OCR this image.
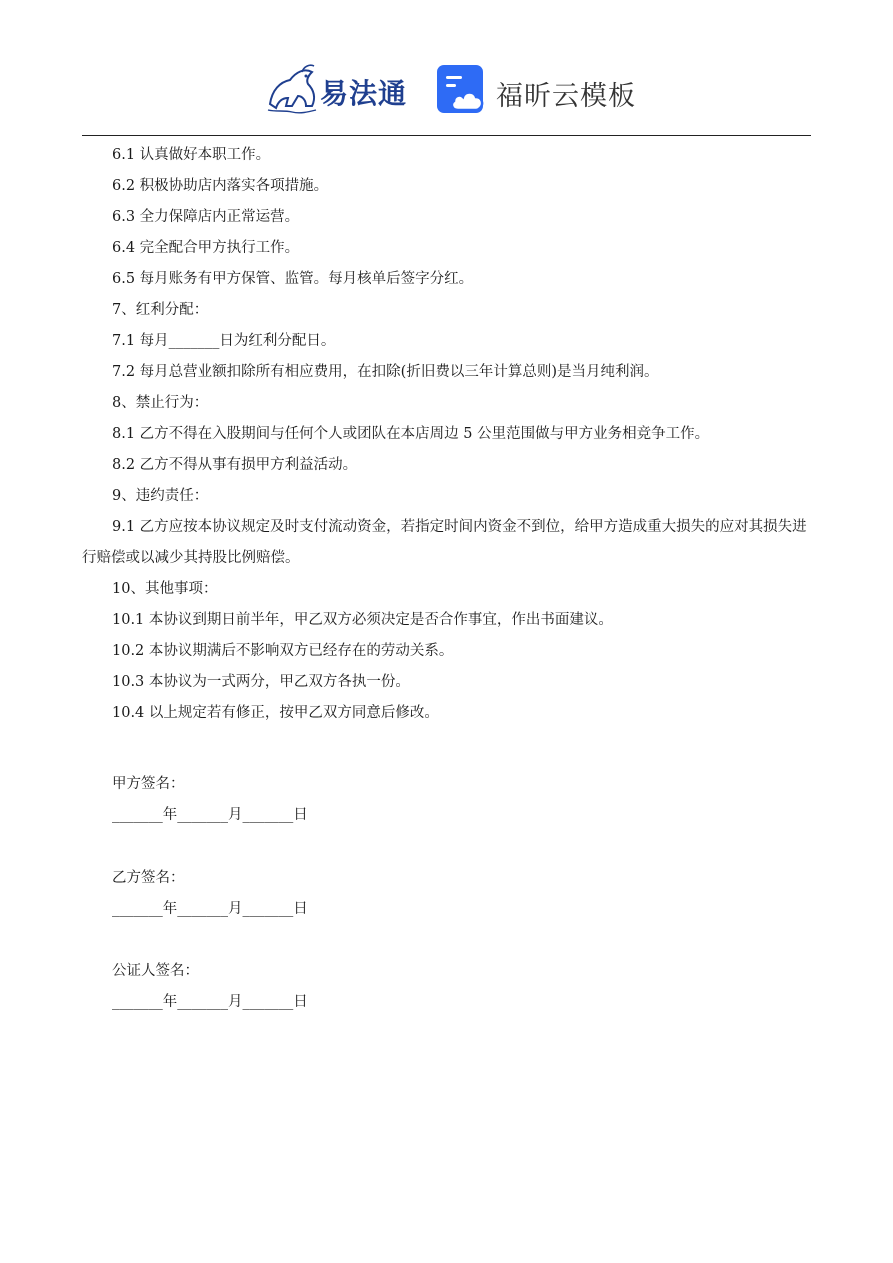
易法通	福昕云模板

6.1 认真做好本职工作。

6.2 积极协助店内落实各项措施。

6.3 全力保障店内正常运营。

6.4 完全配合甲方执行工作。

6.5 每月账务有甲方保管、监管。每月核单后签字分红。

7、红利分配：

7.1 每月_______日为红利分配日。

7.2 每月总营业额扣除所有相应费用，在扣除(折旧费以三年计算总则)是当月纯利润。

8、禁止行为：

8.1 乙方不得在入股期间与任何个人或团队在本店周边 5 公里范围做与甲方业务相竞争工作。

8.2 乙方不得从事有损甲方利益活动。

9、违约责任：

9.1 乙方应按本协议规定及时支付流动资金，若指定时间内资金不到位，给甲方造成重大损失的应对其损失进行赔偿或以减少其持股比例赔偿。

10、其他事项：

10.1 本协议到期日前半年，甲乙双方必须决定是否合作事宜，作出书面建议。

10.2 本协议期满后不影响双方已经存在的劳动关系。

10.3 本协议为一式两分，甲乙双方各执一份。

10.4 以上规定若有修正，按甲乙双方同意后修改。

甲方签名：

_______年_______月_______日

乙方签名：

_______年_______月_______日

公证人签名：

_______年_______月_______日
